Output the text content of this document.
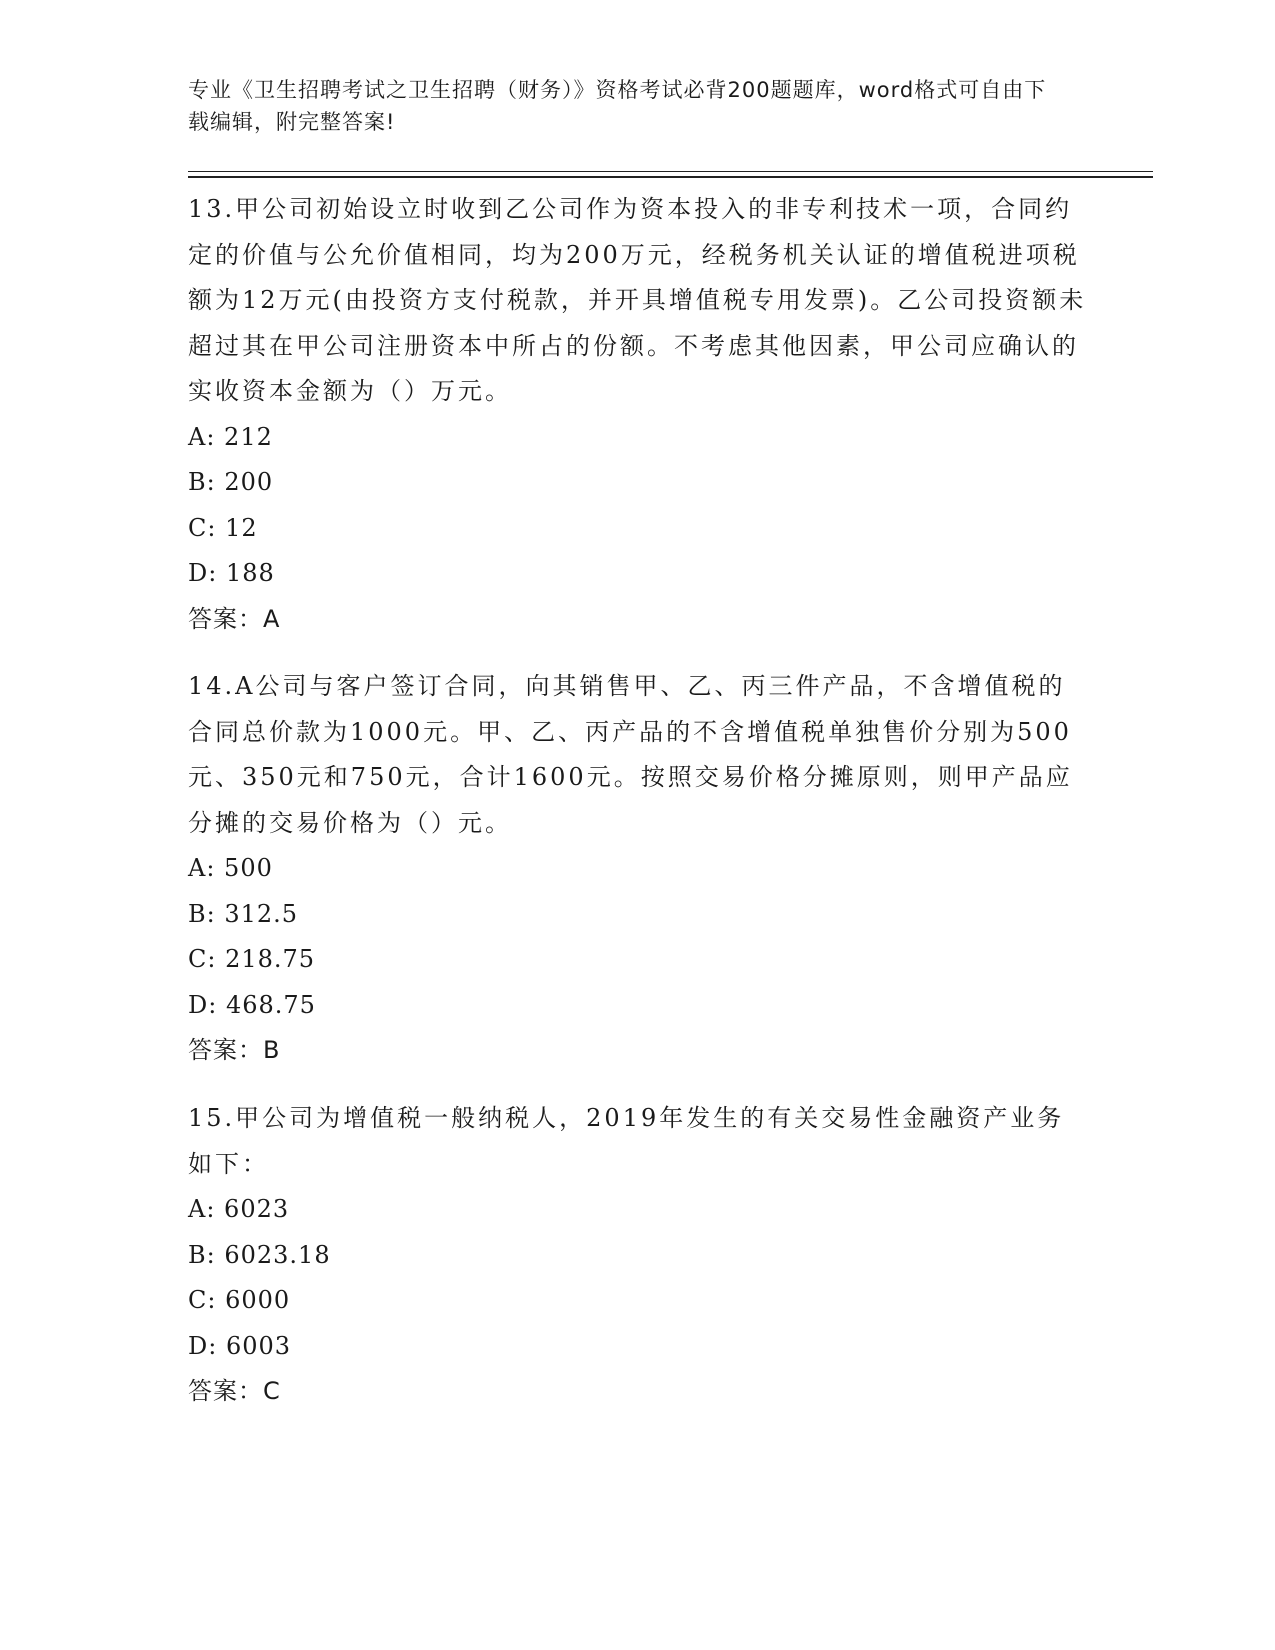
专业《卫生招聘考试之卫生招聘（财务）》资格考试必背200题题库，word格式可自由下载编辑，附完整答案!

13.甲公司初始设立时收到乙公司作为资本投入的非专利技术一项，合同约定的价值与公允价值相同，均为200万元，经税务机关认证的增值税进项税额为12万元(由投资方支付税款，并开具增值税专用发票)。乙公司投资额未超过其在甲公司注册资本中所占的份额。不考虑其他因素，甲公司应确认的实收资本金额为（）万元。

A: 212

B: 200

C: 12

D: 188

答案：A

14.A公司与客户签订合同，向其销售甲、乙、丙三件产品，不含增值税的合同总价款为1000元。甲、乙、丙产品的不含增值税单独售价分别为500元、350元和750元，合计1600元。按照交易价格分摊原则，则甲产品应分摊的交易价格为（）元。

A: 500

B: 312.5

C: 218.75

D: 468.75

答案：B

15.甲公司为增值税一般纳税人，2019年发生的有关交易性金融资产业务如下：

A: 6023

B: 6023.18

C: 6000

D: 6003

答案：C
